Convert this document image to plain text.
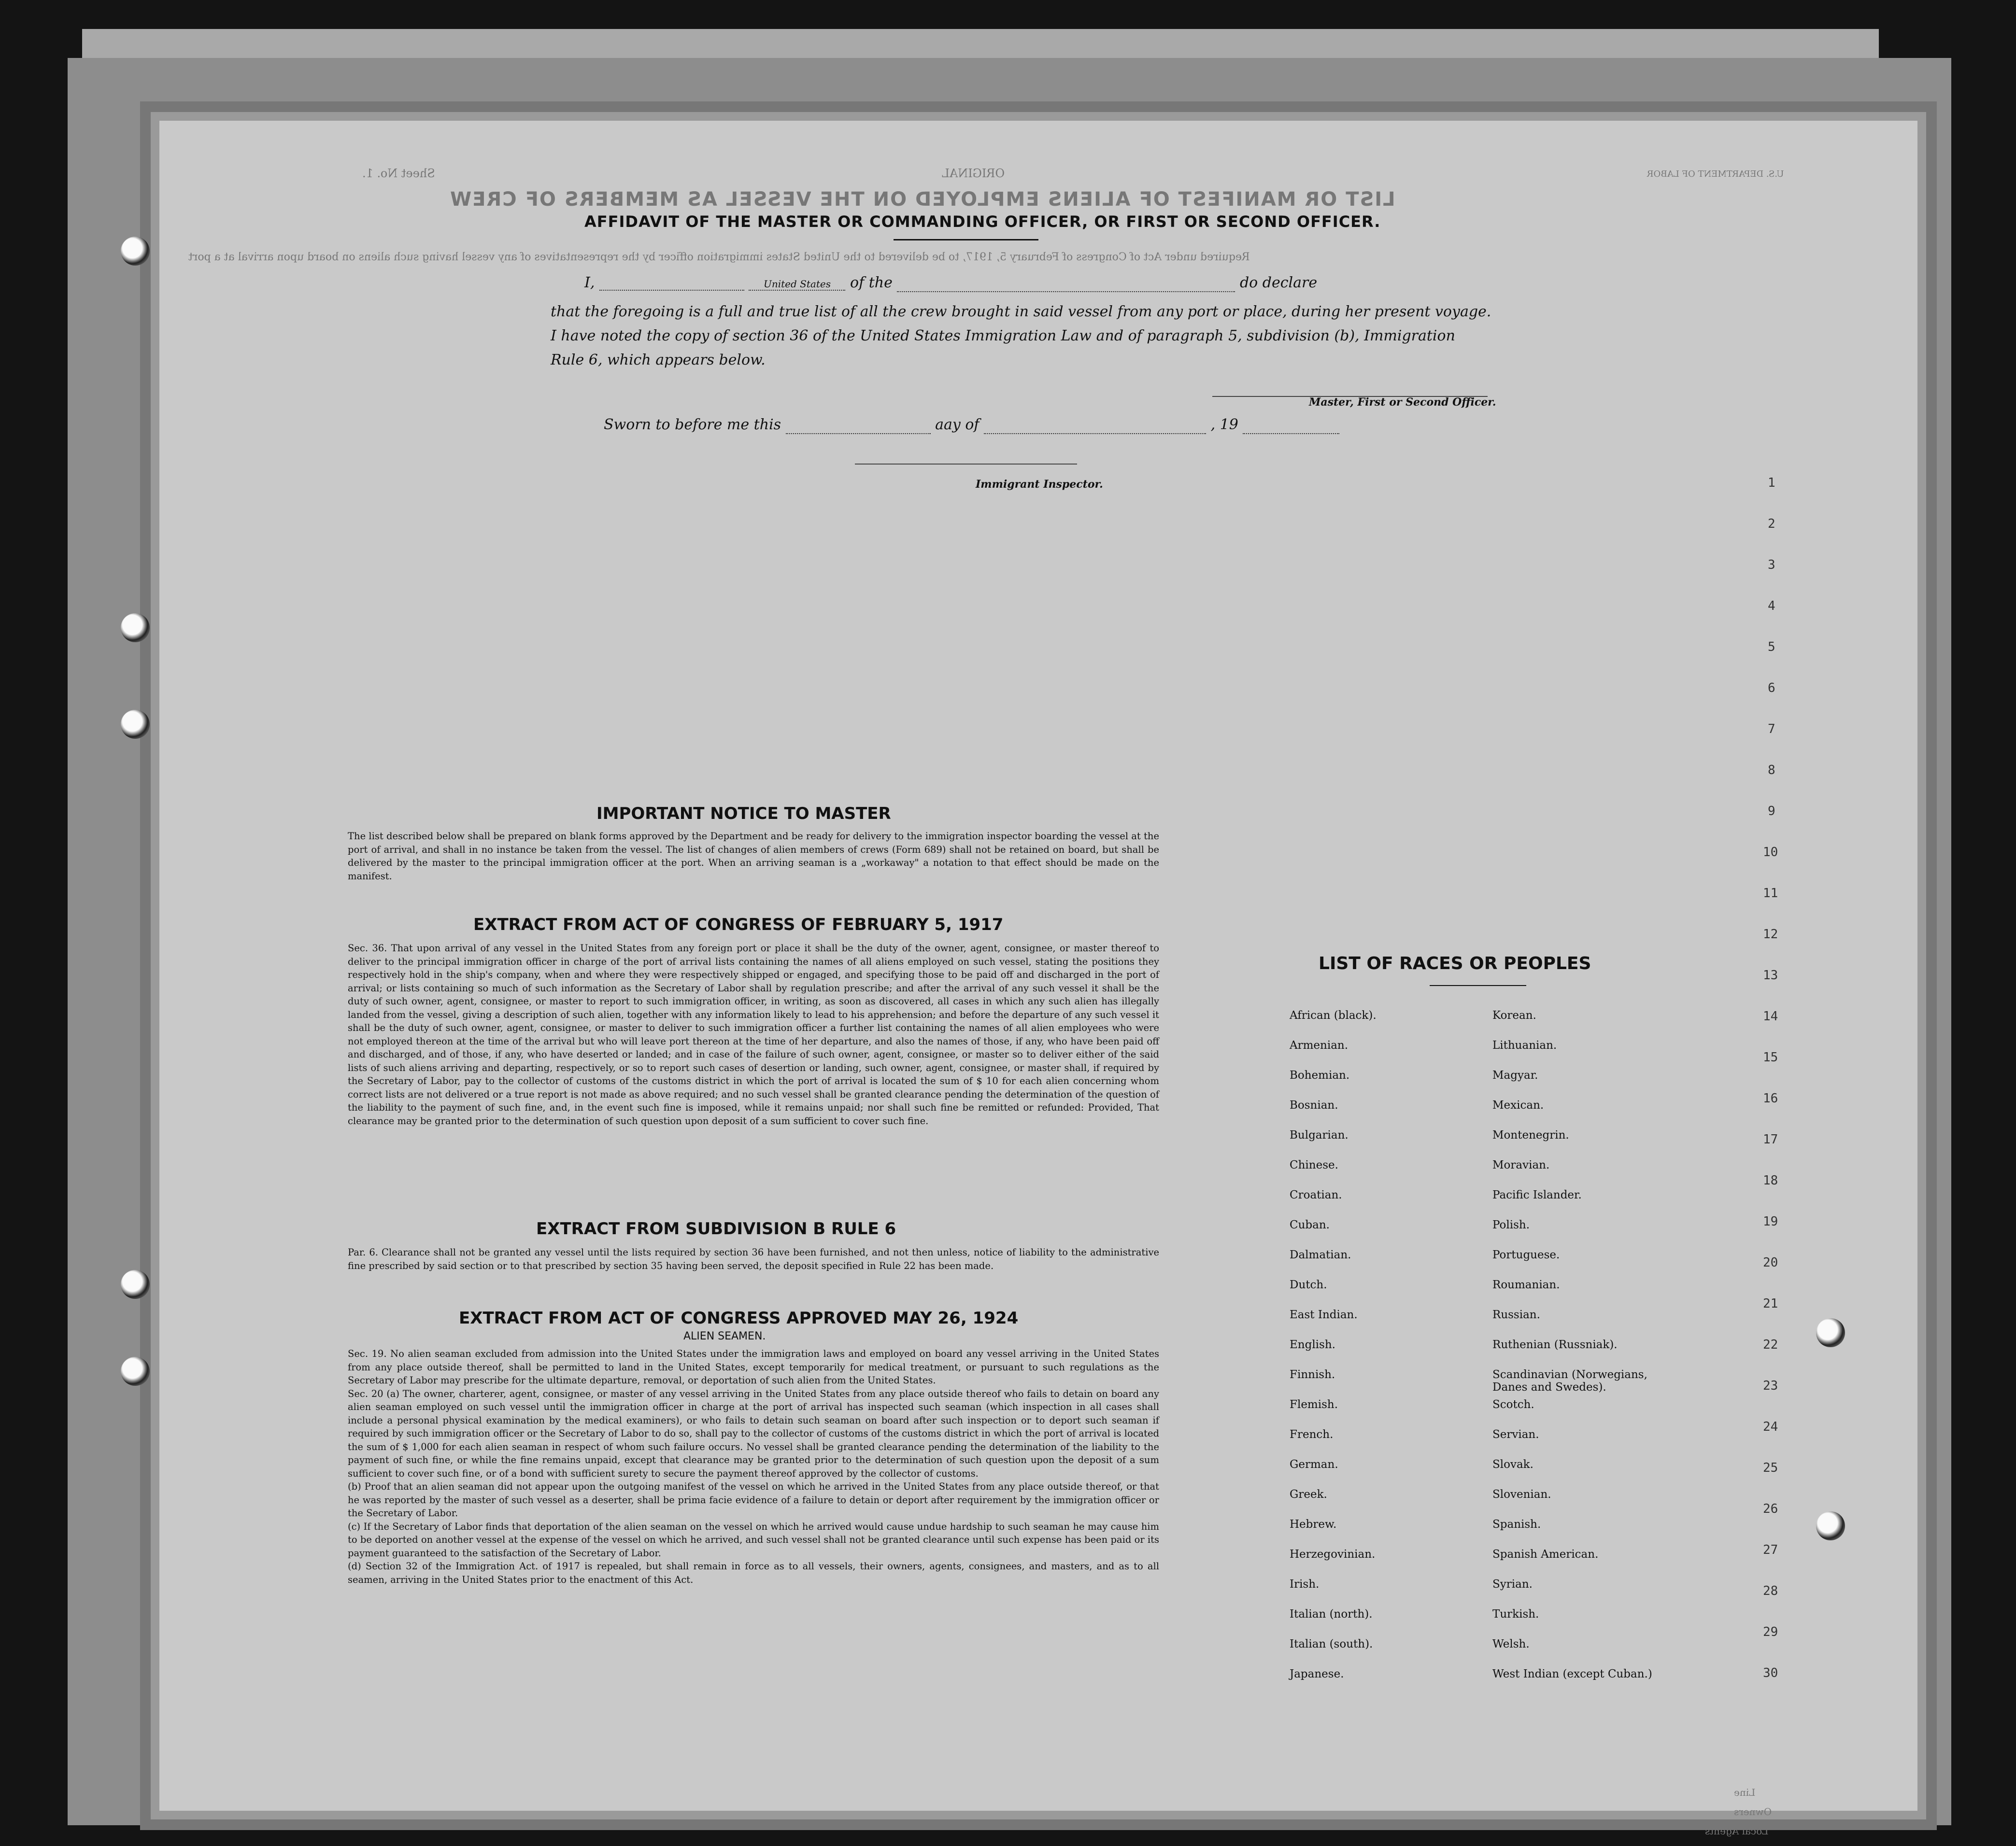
ORIGINAL
LIST OR MANIFEST OF ALIENS EMPLOYED ON THE VESSEL AS MEMBERS OF CREW
Required under Act of Congress of February 5, 1917, to be delivered to the United States immigration officer by the representatives of any vessel having such aliens on board upon arrival at a port
U.S. DEPARTMENT OF LABOR
Line
Owners
Local Agents
Sheet No. 1.
1
2
3
4
5
6
7
8
9
10
11
12
13
14
15
16
17
18
19
20
21
22
23
24
25
26
27
28
29
30
AFFIDAVIT OF THE MASTER OR COMMANDING OFFICER, OR FIRST OR SECOND OFFICER.
I,	United States of the	do declare
that the foregoing is a full and true list of all the crew brought in said vessel from any port or place, during her present voyage.
I have noted the copy of section 36 of the United States Immigration Law and of paragraph 5, subdivision (b), Immigration
Rule 6, which appears below.
Master, First or Second Officer.
Sworn to before me this	aay of	, 19
Immigrant Inspector.
IMPORTANT NOTICE TO MASTER
The list described below shall be prepared on blank forms approved by the Department and be ready for delivery to the immigration inspector boarding the vessel at the port of arrival, and shall in no instance be taken from the vessel. The list of changes of alien members of crews (Form 689) shall not be retained on board, but shall be delivered by the master to the principal immigration officer at the port. When an arriving seaman is a „workaway" a notation to that effect should be made on the manifest.
EXTRACT FROM ACT OF CONGRESS OF FEBRUARY 5, 1917
Sec. 36. That upon arrival of any vessel in the United States from any foreign port or place it shall be the duty of the owner, agent, consignee, or master thereof to deliver to the principal immigration officer in charge of the port of arrival lists containing the names of all aliens employed on such vessel, stating the positions they respectively hold in the ship's company, when and where they were respectively shipped or engaged, and specifying those to be paid off and discharged in the port of arrival; or lists containing so much of such information as the Secretary of Labor shall by regulation prescribe; and after the arrival of any such vessel it shall be the duty of such owner, agent, consignee, or master to report to such immigration officer, in writing, as soon as discovered, all cases in which any such alien has illegally landed from the vessel, giving a description of such alien, together with any information likely to lead to his apprehension; and before the departure of any such vessel it shall be the duty of such owner, agent, consignee, or master to deliver to such immigration officer a further list containing the names of all alien employees who were not employed thereon at the time of the arrival but who will leave port thereon at the time of her departure, and also the names of those, if any, who have been paid off and discharged, and of those, if any, who have deserted or landed; and in case of the failure of such owner, agent, consignee, or master so to deliver either of the said lists of such aliens arriving and departing, respectively, or so to report such cases of desertion or landing, such owner, agent, consignee, or master shall, if required by the Secretary of Labor, pay to the collector of customs of the customs district in which the port of arrival is located the sum of $ 10 for each alien concerning whom correct lists are not delivered or a true report is not made as above required; and no such vessel shall be granted clearance pending the determination of the question of the liability to the payment of such fine, and, in the event such fine is imposed, while it remains unpaid; nor shall such fine be remitted or refunded: Provided, That clearance may be granted prior to the determination of such question upon deposit of a sum sufficient to cover such fine.
EXTRACT FROM SUBDIVISION B RULE 6
Par. 6. Clearance shall not be granted any vessel until the lists required by section 36 have been furnished, and not then unless, notice of liability to the administrative fine prescribed by said section or to that prescribed by section 35 having been served, the deposit specified in Rule 22 has been made.
EXTRACT FROM ACT OF CONGRESS APPROVED MAY 26, 1924
ALIEN SEAMEN.
Sec. 19. No alien seaman excluded from admission into the United States under the immigration laws and employed on board any vessel arriving in the United States from any place outside thereof, shall be permitted to land in the United States, except temporarily for medical treatment, or pursuant to such regulations as the Secretary of Labor may prescribe for the ultimate departure, removal, or deportation of such alien from the United States.
Sec. 20 (a) The owner, charterer, agent, consignee, or master of any vessel arriving in the United States from any place outside thereof who fails to detain on board any alien seaman employed on such vessel until the immigration officer in charge at the port of arrival has inspected such seaman (which inspection in all cases shall include a personal physical examination by the medical examiners), or who fails to detain such seaman on board after such inspection or to deport such seaman if required by such immigration officer or the Secretary of Labor to do so, shall pay to the collector of customs of the customs district in which the port of arrival is located the sum of $ 1,000 for each alien seaman in respect of whom such failure occurs. No vessel shall be granted clearance pending the determination of the liability to the payment of such fine, or while the fine remains unpaid, except that clearance may be granted prior to the determination of such question upon the deposit of a sum sufficient to cover such fine, or of a bond with sufficient surety to secure the payment thereof approved by the collector of customs.
(b) Proof that an alien seaman did not appear upon the outgoing manifest of the vessel on which he arrived in the United States from any place outside thereof, or that he was reported by the master of such vessel as a deserter, shall be prima facie evidence of a failure to detain or deport after requirement by the immigration officer or the Secretary of Labor.
(c) If the Secretary of Labor finds that deportation of the alien seaman on the vessel on which he arrived would cause undue hardship to such seaman he may cause him to be deported on another vessel at the expense of the vessel on which he arrived, and such vessel shall not be granted clearance until such expense has been paid or its payment guaranteed to the satisfaction of the Secretary of Labor.
(d) Section 32 of the Immigration Act. of 1917 is repealed, but shall remain in force as to all vessels, their owners, agents, consignees, and masters, and as to all seamen, arriving in the United States prior to the enactment of this Act.
LIST OF RACES OR PEOPLES
African (black).
Armenian.
Bohemian.
Bosnian.
Bulgarian.
Chinese.
Croatian.
Cuban.
Dalmatian.
Dutch.
East Indian.
English.
Finnish.
Flemish.
French.
German.
Greek.
Hebrew.
Herzegovinian.
Irish.
Italian (north).
Italian (south).
Japanese.
Korean.
Lithuanian.
Magyar.
Mexican.
Montenegrin.
Moravian.
Pacific Islander.
Polish.
Portuguese.
Roumanian.
Russian.
Ruthenian (Russniak).
Scandinavian (Norwegians, Danes and Swedes).
Scotch.
Servian.
Slovak.
Slovenian.
Spanish.
Spanish American.
Syrian.
Turkish.
Welsh.
West Indian (except Cuban.)
